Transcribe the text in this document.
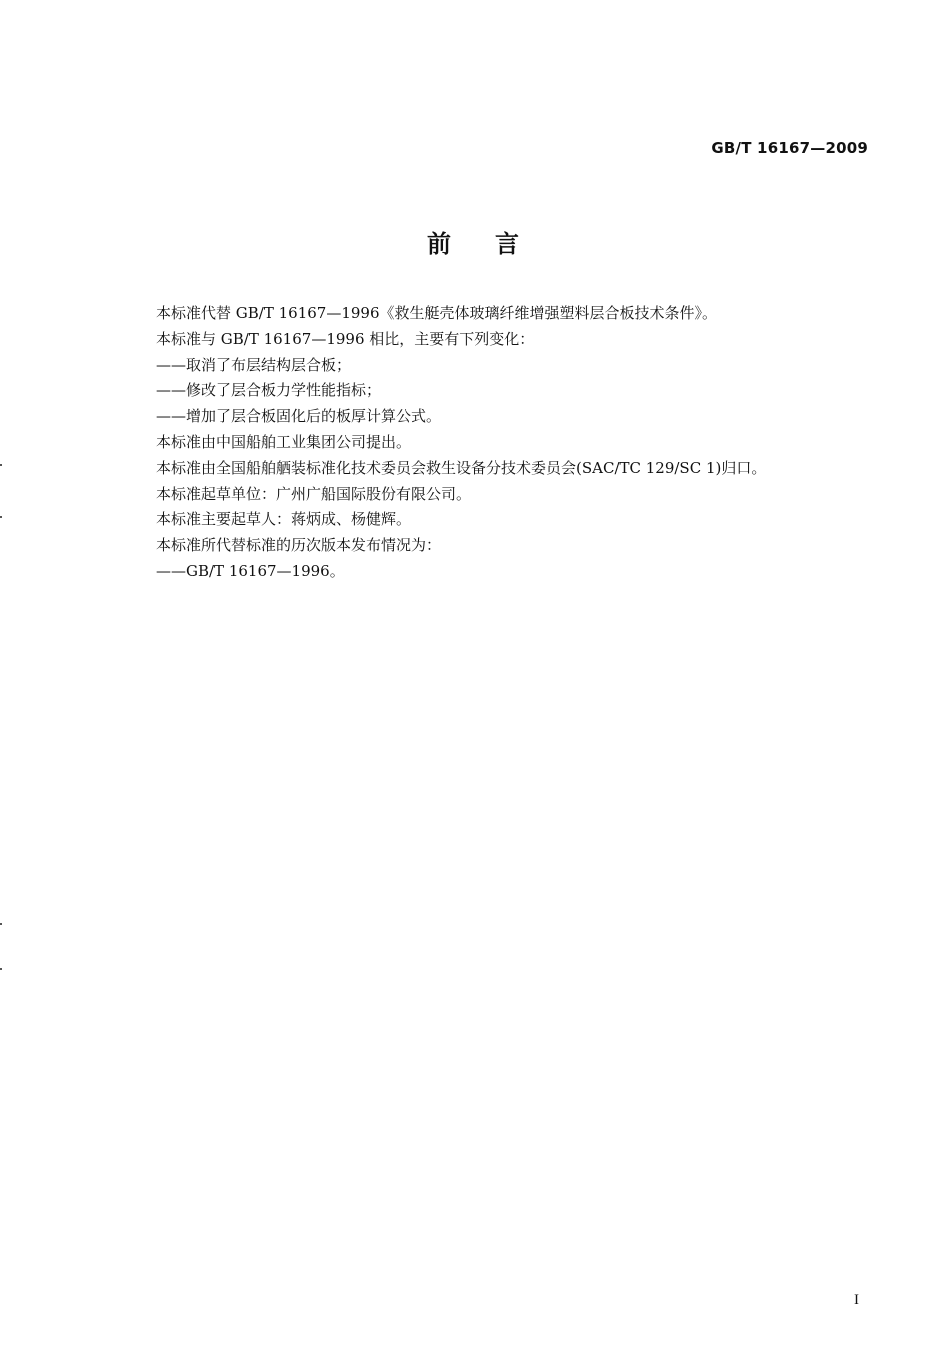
GB/T 16167—2009
前言
本标准代替 GB/T 16167—1996《救生艇壳体玻璃纤维增强塑料层合板技术条件》。
本标准与 GB/T 16167—1996 相比，主要有下列变化：
——取消了布层结构层合板；
——修改了层合板力学性能指标；
——增加了层合板固化后的板厚计算公式。
本标准由中国船舶工业集团公司提出。
本标准由全国船舶舾装标准化技术委员会救生设备分技术委员会(SAC/TC 129/SC 1)归口。
本标准起草单位：广州广船国际股份有限公司。
本标准主要起草人：蒋炳成、杨健辉。
本标准所代替标准的历次版本发布情况为：
——GB/T 16167—1996。
I
